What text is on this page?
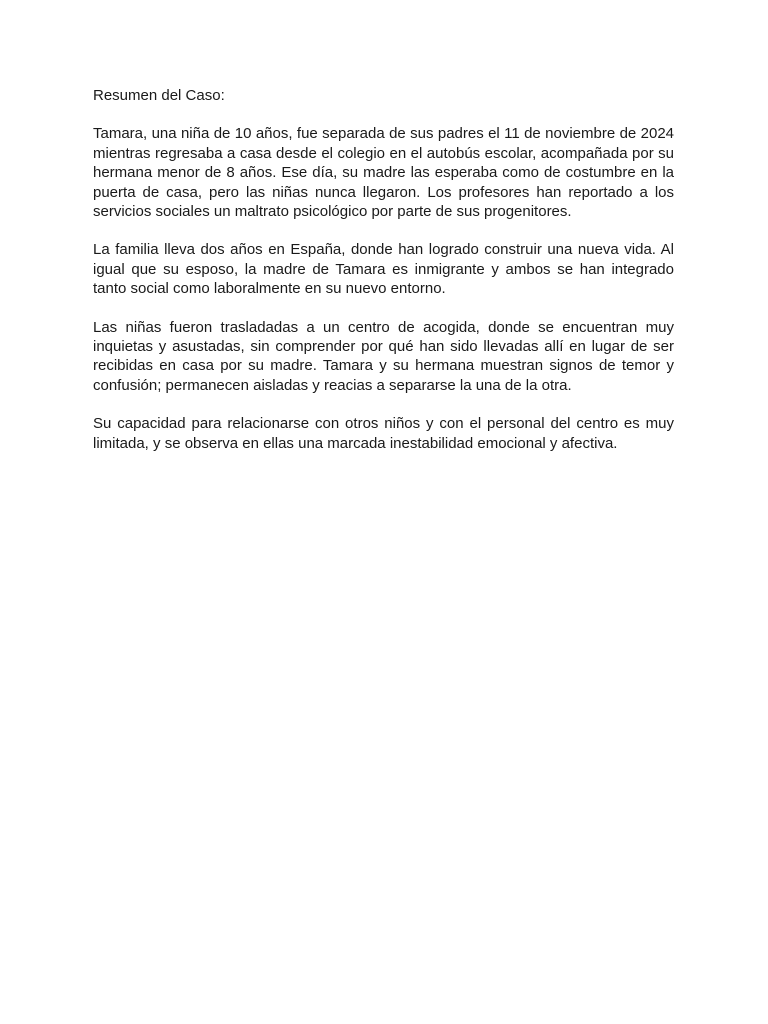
Resumen del Caso:

Tamara, una niña de 10 años, fue separada de sus padres el 11 de noviembre de 2024 mientras regresaba a casa desde el colegio en el autobús escolar, acompañada por su hermana menor de 8 años. Ese día, su madre las esperaba como de costumbre en la puerta de casa, pero las niñas nunca llegaron. Los profesores han reportado a los servicios sociales un maltrato psicológico por parte de sus progenitores.

La familia lleva dos años en España, donde han logrado construir una nueva vida. Al igual que su esposo, la madre de Tamara es inmigrante y ambos se han integrado tanto social como laboralmente en su nuevo entorno.

Las niñas fueron trasladadas a un centro de acogida, donde se encuentran muy inquietas y asustadas, sin comprender por qué han sido llevadas allí en lugar de ser recibidas en casa por su madre. Tamara y su hermana muestran signos de temor y confusión; permanecen aisladas y reacias a separarse la una de la otra.

Su capacidad para relacionarse con otros niños y con el personal del centro es muy limitada, y se observa en ellas una marcada inestabilidad emocional y afectiva.
